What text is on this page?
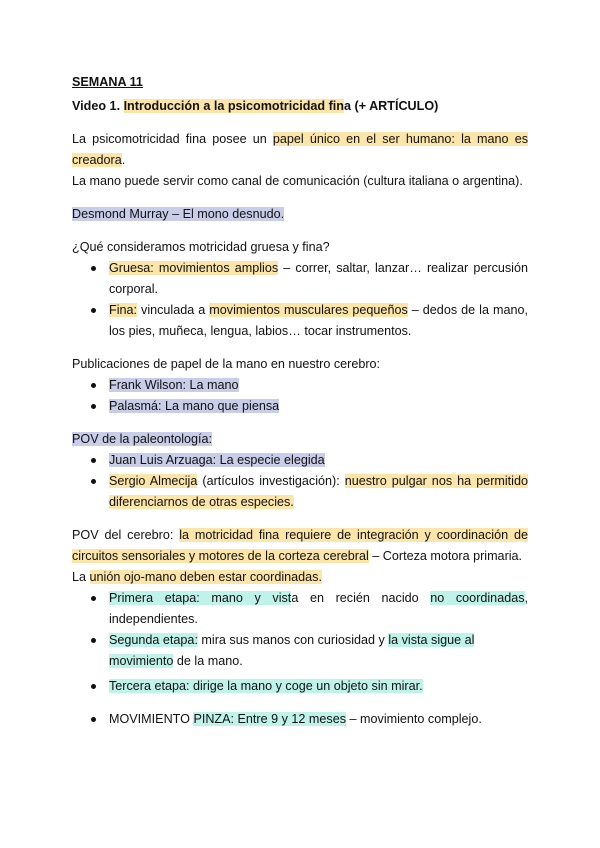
SEMANA 11

Video 1. Introducción a la psicomotricidad fina (+ ARTÍCULO)

La psicomotricidad fina posee un papel único en el ser humano: la mano es creadora.

La mano puede servir como canal de comunicación (cultura italiana o argentina).

Desmond Murray – El mono desnudo.

¿Qué consideramos motricidad gruesa y fina?

Gruesa: movimientos amplios – correr, saltar, lanzar… realizar percusión corporal.
Fina: vinculada a movimientos musculares pequeños – dedos de la mano, los pies, muñeca, lengua, labios… tocar instrumentos.

Publicaciones de papel de la mano en nuestro cerebro:

Frank Wilson: La mano
Palasmá: La mano que piensa

POV de la paleontología:

Juan Luis Arzuaga: La especie elegida
Sergio Almecija (artículos investigación): nuestro pulgar nos ha permitido diferenciarnos de otras especies.

POV del cerebro: la motricidad fina requiere de integración y coordinación de circuitos sensoriales y motores de la corteza cerebral – Corteza motora primaria.

La unión ojo-mano deben estar coordinadas.

Primera etapa: mano y vista en recién nacido no coordinadas, independientes.
Segunda etapa: mira sus manos con curiosidad y la vista sigue al movimiento de la mano.
Tercera etapa: dirige la mano y coge un objeto sin mirar.
MOVIMIENTO PINZA: Entre 9 y 12 meses – movimiento complejo.
